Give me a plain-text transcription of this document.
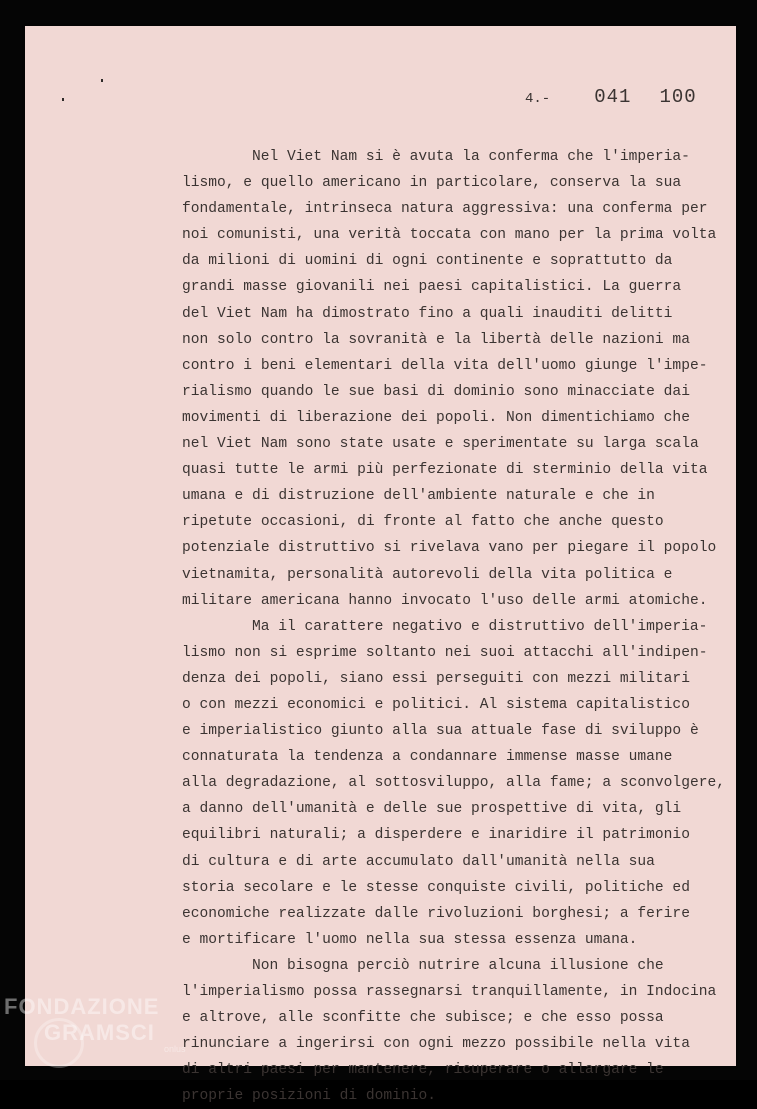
4.- 041 100
Nel Viet Nam si è avuta la conferma che l'imperia-
lismo, e quello americano in particolare, conserva la sua
fondamentale, intrinseca natura aggressiva: una conferma per
noi comunisti, una verità toccata con mano per la prima volta
da milioni di uomini di ogni continente e soprattutto da
grandi masse giovanili nei paesi capitalistici. La guerra
del Viet Nam ha dimostrato fino a quali inauditi delitti
non solo contro la sovranità e la libertà delle nazioni ma
contro i beni elementari della vita dell'uomo giunge l'impe-
rialismo quando le sue basi di dominio sono minacciate dai
movimenti di liberazione dei popoli. Non dimentichiamo che
nel Viet Nam sono state usate e sperimentate su larga scala
quasi tutte le armi più perfezionate di sterminio della vita
umana e di distruzione dell'ambiente naturale e che in
ripetute occasioni, di fronte al fatto che anche questo
potenziale distruttivo si rivelava vano per piegare il popolo
vietnamita, personalità autorevoli della vita politica e
militare americana hanno invocato l'uso delle armi atomiche.
Ma il carattere negativo e distruttivo dell'imperia-
lismo non si esprime soltanto nei suoi attacchi all'indipen-
denza dei popoli, siano essi perseguiti con mezzi militari
o con mezzi economici e politici. Al sistema capitalistico
e imperialistico giunto alla sua attuale fase di sviluppo è
connaturata la tendenza a condannare immense masse umane
alla degradazione, al sottosviluppo, alla fame; a sconvolgere,
a danno dell'umanità e delle sue prospettive di vita, gli
equilibri naturali; a disperdere e inaridire il patrimonio
di cultura e di arte accumulato dall'umanità nella sua
storia secolare e le stesse conquiste civili, politiche ed
economiche realizzate dalle rivoluzioni borghesi; a ferire
e mortificare l'uomo nella sua stessa essenza umana.
Non bisogna perciò nutrire alcuna illusione che
l'imperialismo possa rassegnarsi tranquillamente, in Indocina
e altrove, alle sconfitte che subisce; e che esso possa
rinunciare a ingerirsi con ogni mezzo possibile nella vita
di altri paesi per mantenere, ricuperare o allargare le
proprie posizioni di dominio.
FONDAZIONE
GRAMSCI
onlus
